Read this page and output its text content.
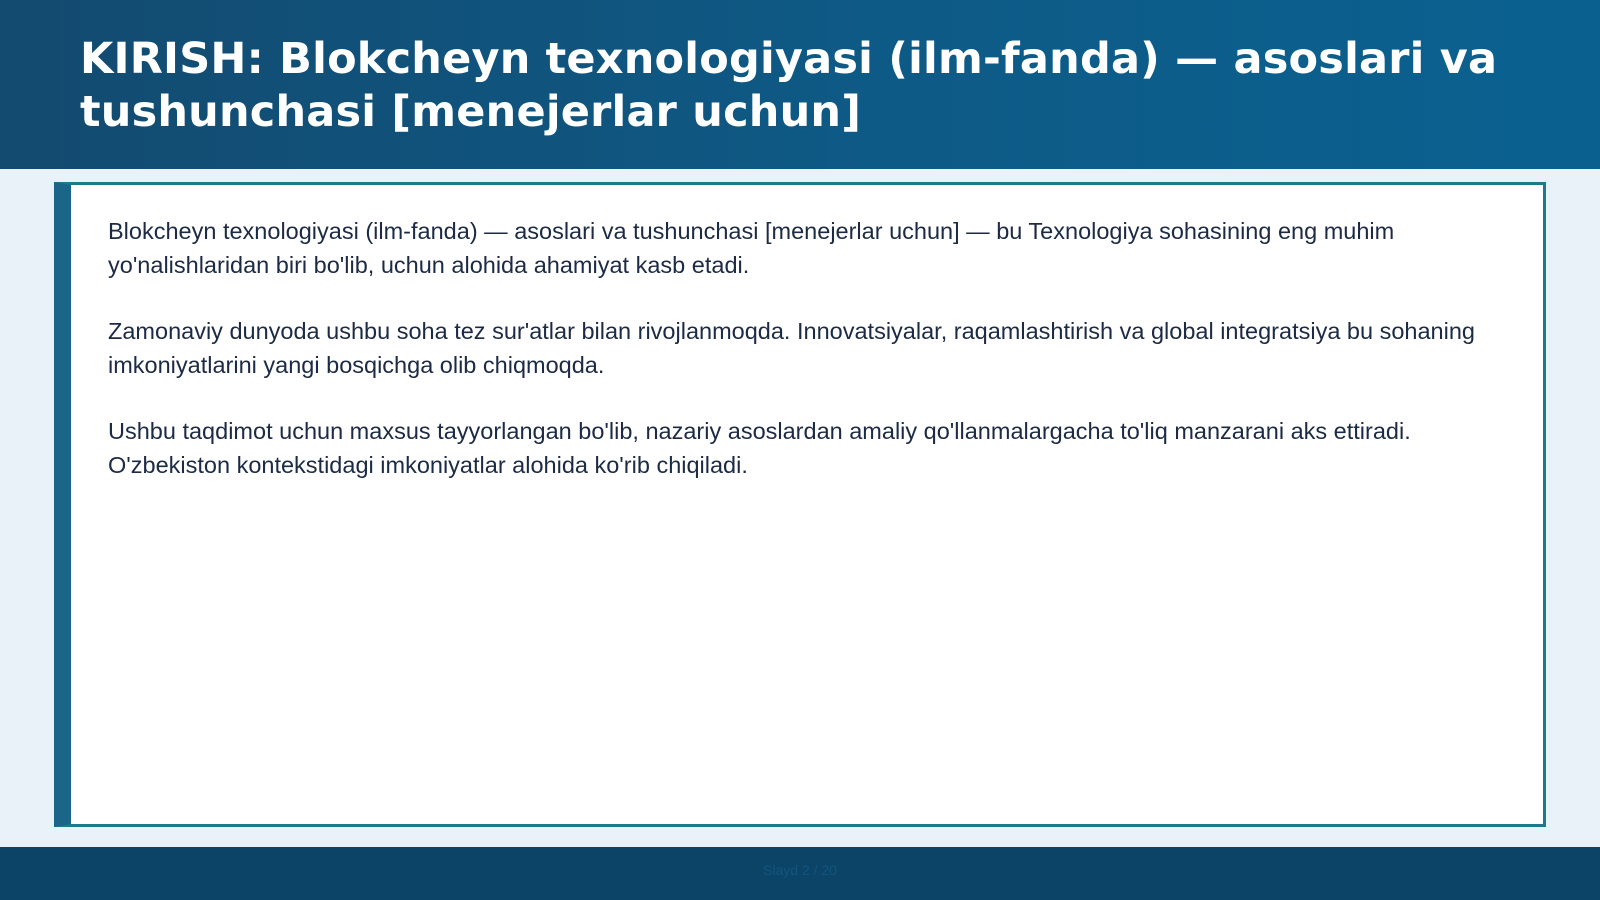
KIRISH: Blokcheyn texnologiyasi (ilm-fanda) — asoslari va tushunchasi [menejerlar uchun]

Blokcheyn texnologiyasi (ilm-fanda) — asoslari va tushunchasi [menejerlar uchun] — bu Texnologiya sohasining eng muhim yo'nalishlaridan biri bo'lib, uchun alohida ahamiyat kasb etadi.

Zamonaviy dunyoda ushbu soha tez sur'atlar bilan rivojlanmoqda. Innovatsiyalar, raqamlashtirish va global integratsiya bu sohaning imkoniyatlarini yangi bosqichga olib chiqmoqda.

Ushbu taqdimot uchun maxsus tayyorlangan bo'lib, nazariy asoslardan amaliy qo'llanmalargacha to'liq manzarani aks ettiradi. O'zbekiston kontekstidagi imkoniyatlar alohida ko'rib chiqiladi.

Slayd 2 / 20
